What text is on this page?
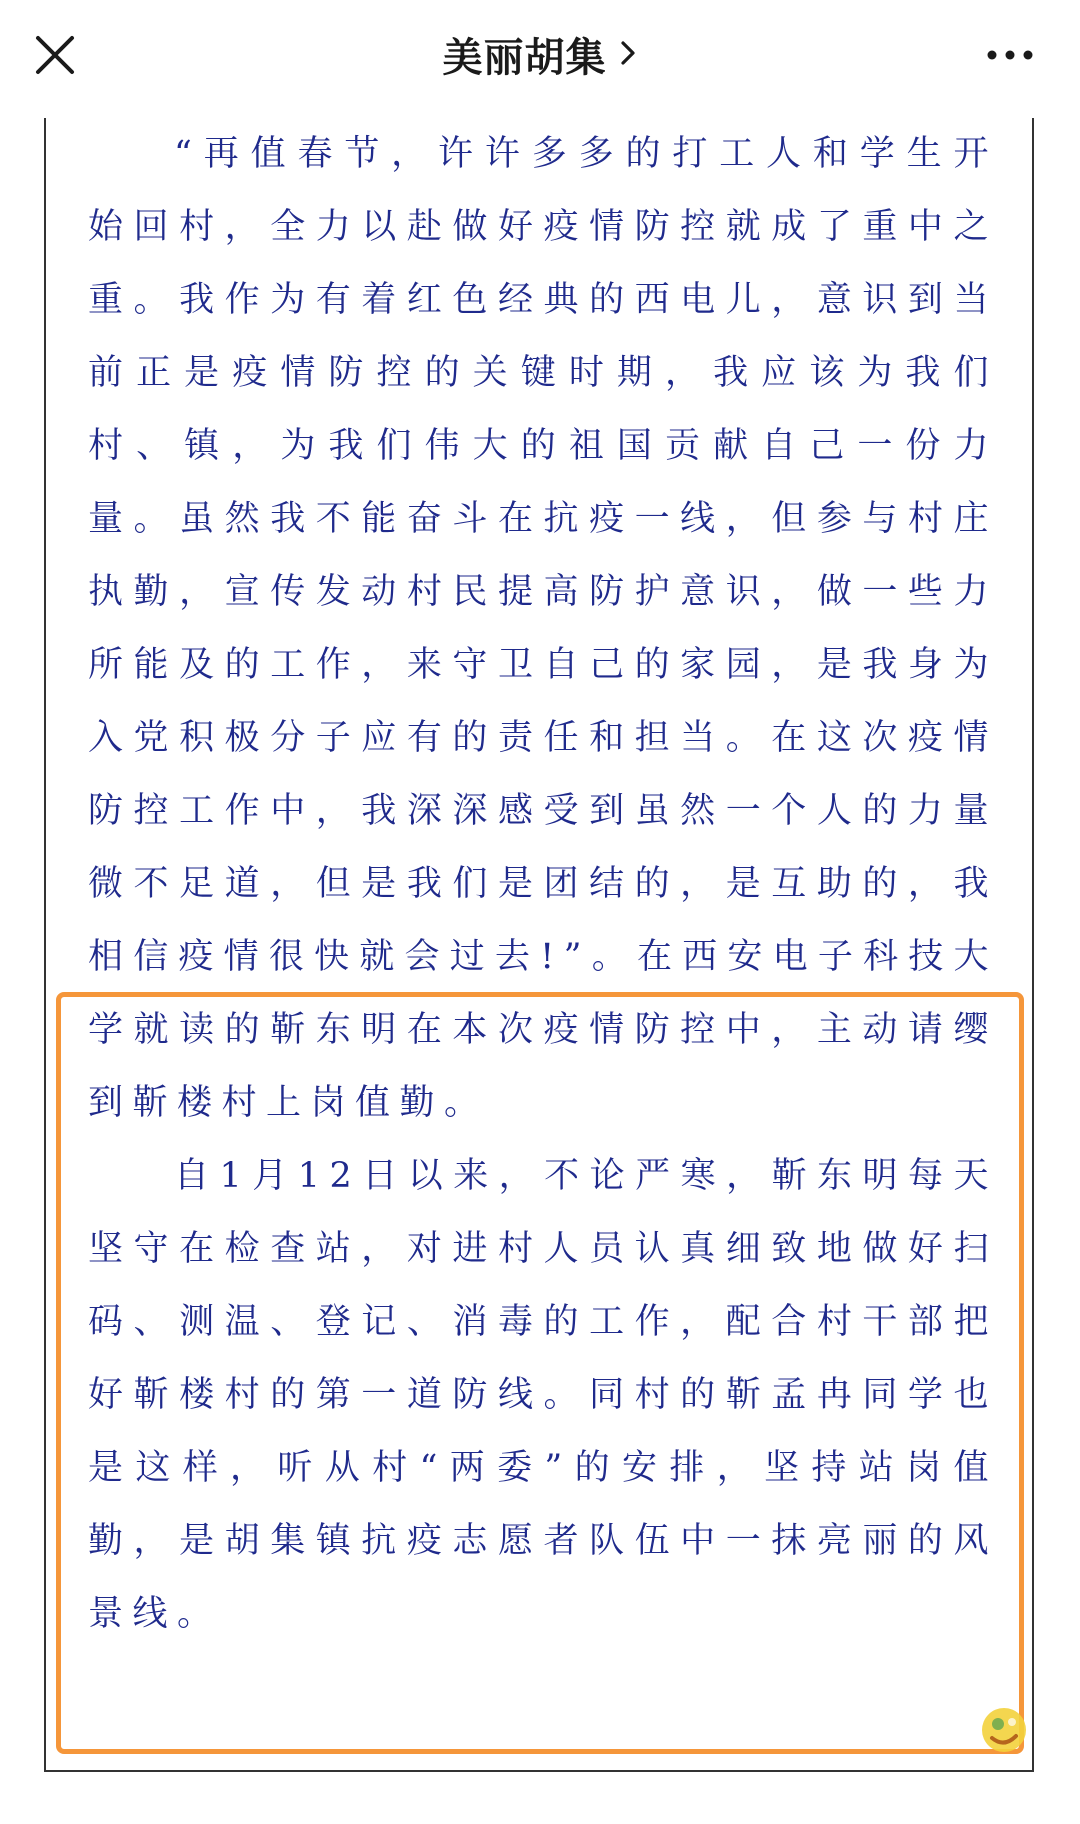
美丽胡集

“再值春节，许许多多的打工人和学生开始回村，全力以赴做好疫情防控就成了重中之重。我作为有着红色经典的西电儿，意识到当前正是疫情防控的关键时期，我应该为我们村、镇，为我们伟大的祖国贡献自己一份力量。虽然我不能奋斗在抗疫一线，但参与村庄执勤，宣传发动村民提高防护意识，做一些力所能及的工作，来守卫自己的家园，是我身为入党积极分子应有的责任和担当。在这次疫情防控工作中，我深深感受到虽然一个人的力量微不足道，但是我们是团结的，是互助的，我相信疫情很快就会过去!”。在西安电子科技大学就读的靳东明在本次疫情防控中，主动请缨到靳楼村上岗值勤。

自1月12日以来，不论严寒，靳东明每天坚守在检查站，对进村人员认真细致地做好扫码、测温、登记、消毒的工作，配合村干部把好靳楼村的第一道防线。同村的靳孟冉同学也是这样，听从村“两委”的安排，坚持站岗值勤，是胡集镇抗疫志愿者队伍中一抹亮丽的风景线。
